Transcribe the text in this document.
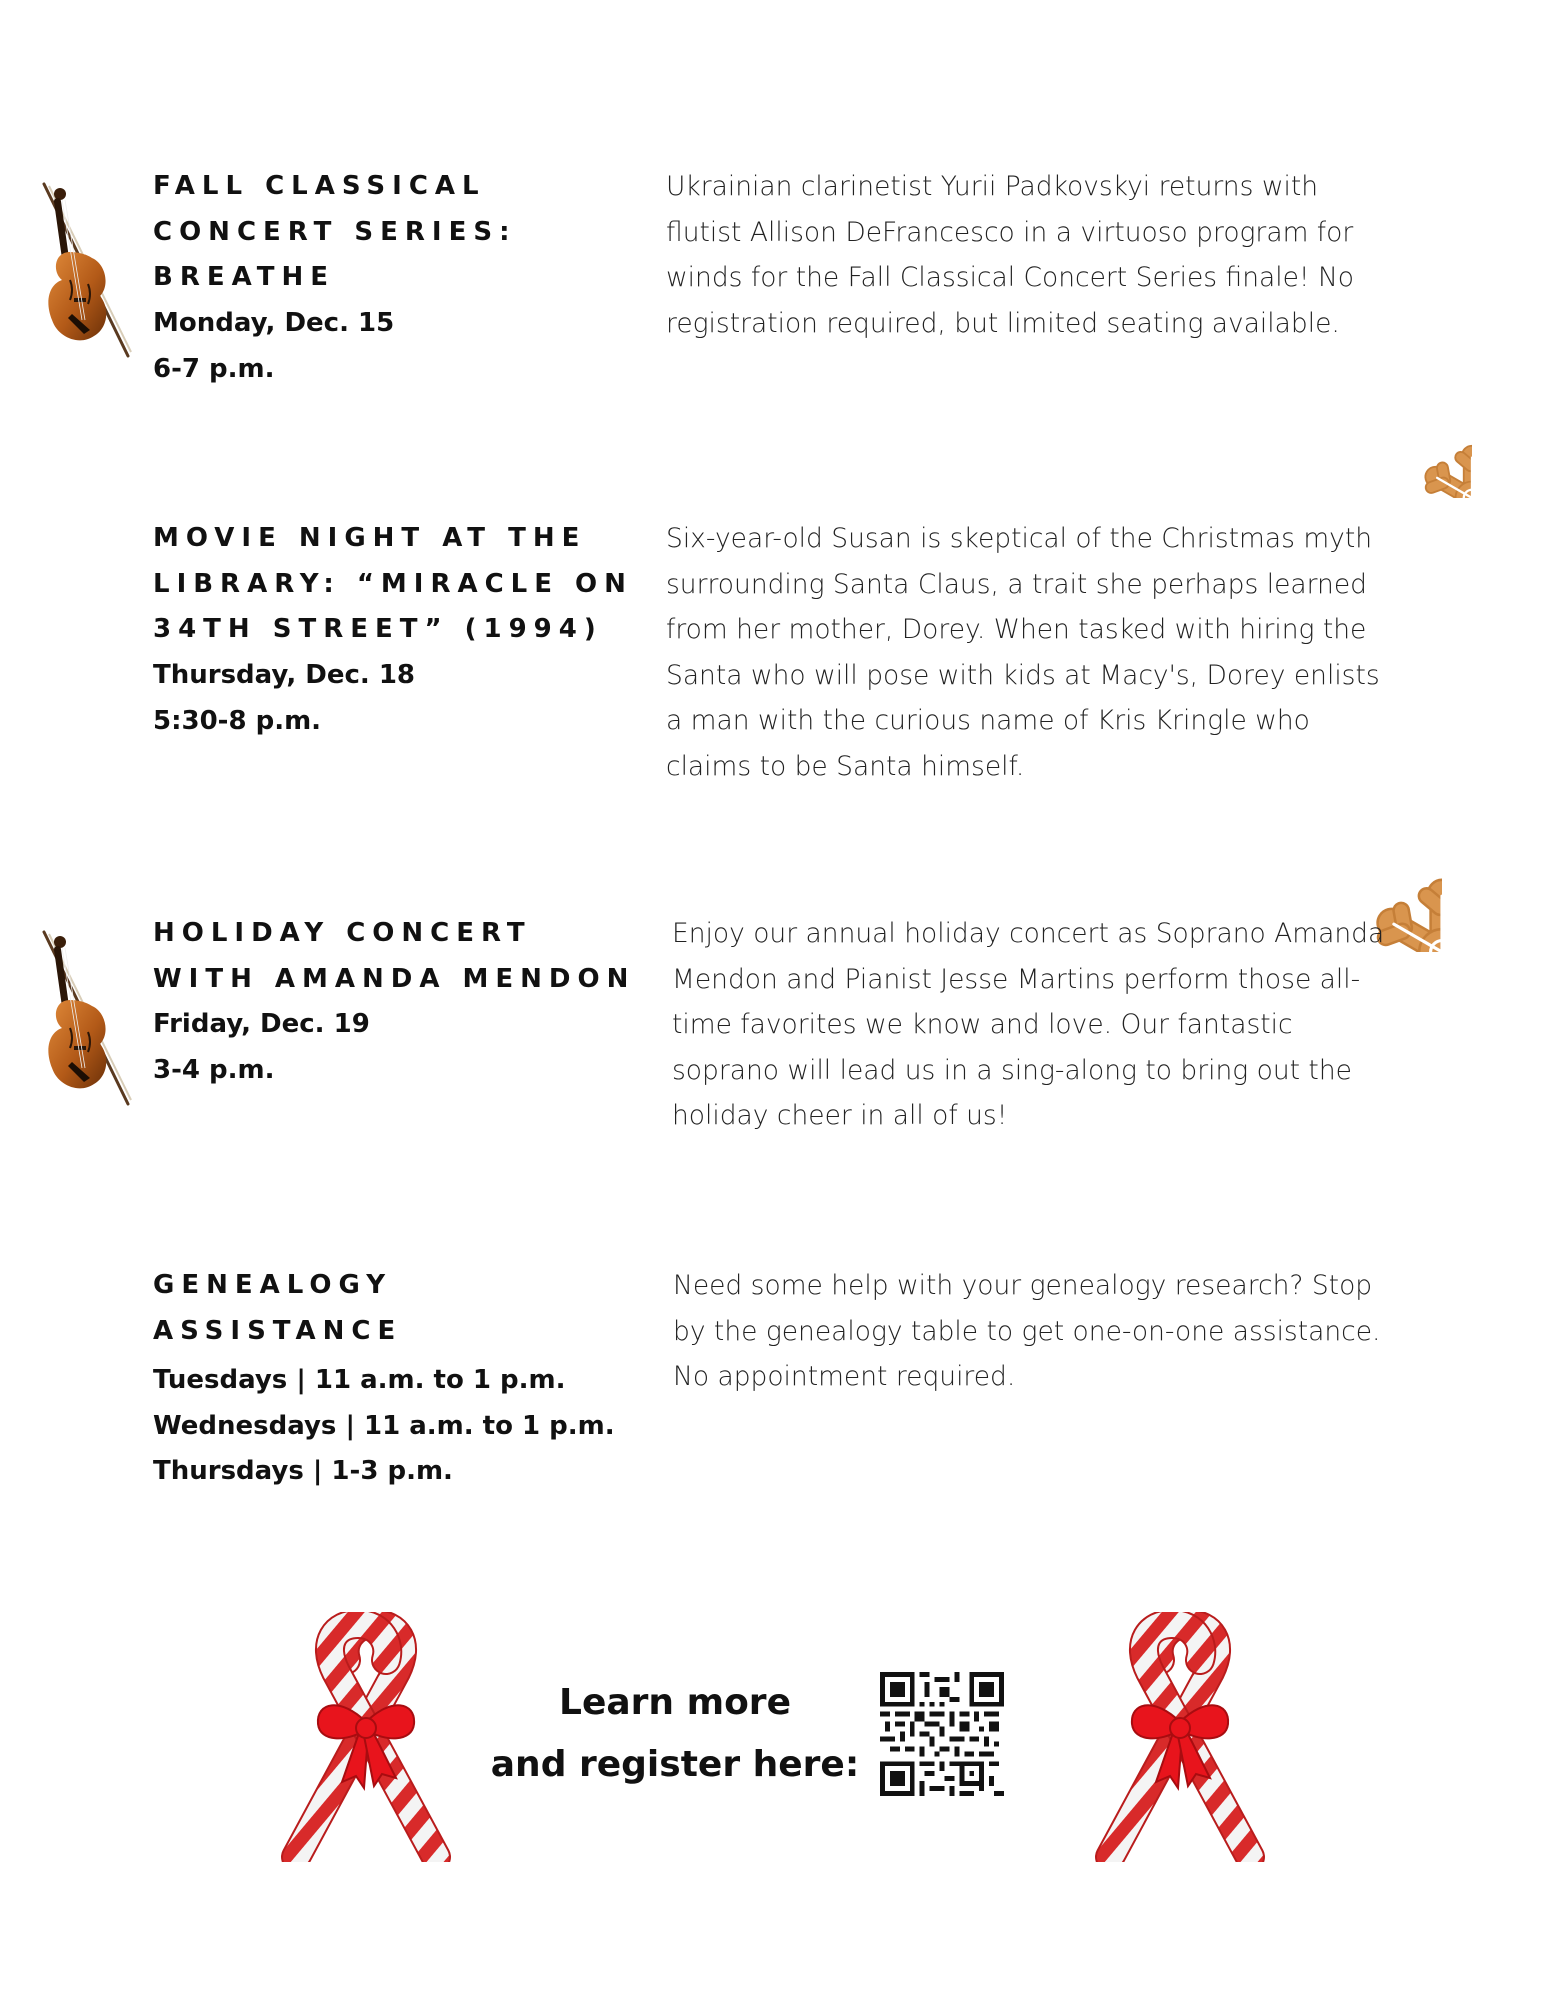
FALL CLASSICAL
CONCERT SERIES:
BREATHE
Monday, Dec. 15
6-7 p.m.

Ukrainian clarinetist Yurii Padkovskyi returns with flutist Allison DeFrancesco in a virtuoso program for winds for the Fall Classical Concert Series finale! No registration required, but limited seating available.

MOVIE NIGHT AT THE
LIBRARY: “MIRACLE ON
34TH STREET” (1994)
Thursday, Dec. 18
5:30-8 p.m.

Six-year-old Susan is skeptical of the Christmas myth surrounding Santa Claus, a trait she perhaps learned from her mother, Dorey. When tasked with hiring the Santa who will pose with kids at Macy's, Dorey enlists a man with the curious name of Kris Kringle who claims to be Santa himself.

HOLIDAY CONCERT
WITH AMANDA MENDON
Friday, Dec. 19
3-4 p.m.

Enjoy our annual holiday concert as Soprano Amanda Mendon and Pianist Jesse Martins perform those all-time favorites we know and love. Our fantastic soprano will lead us in a sing-along to bring out the holiday cheer in all of us!

GENEALOGY
ASSISTANCE
Tuesdays | 11 a.m. to 1 p.m.
Wednesdays | 11 a.m. to 1 p.m.
Thursdays | 1-3 p.m.

Need some help with your genealogy research? Stop by the genealogy table to get one-on-one assistance. No appointment required.

Learn more
and register here:
